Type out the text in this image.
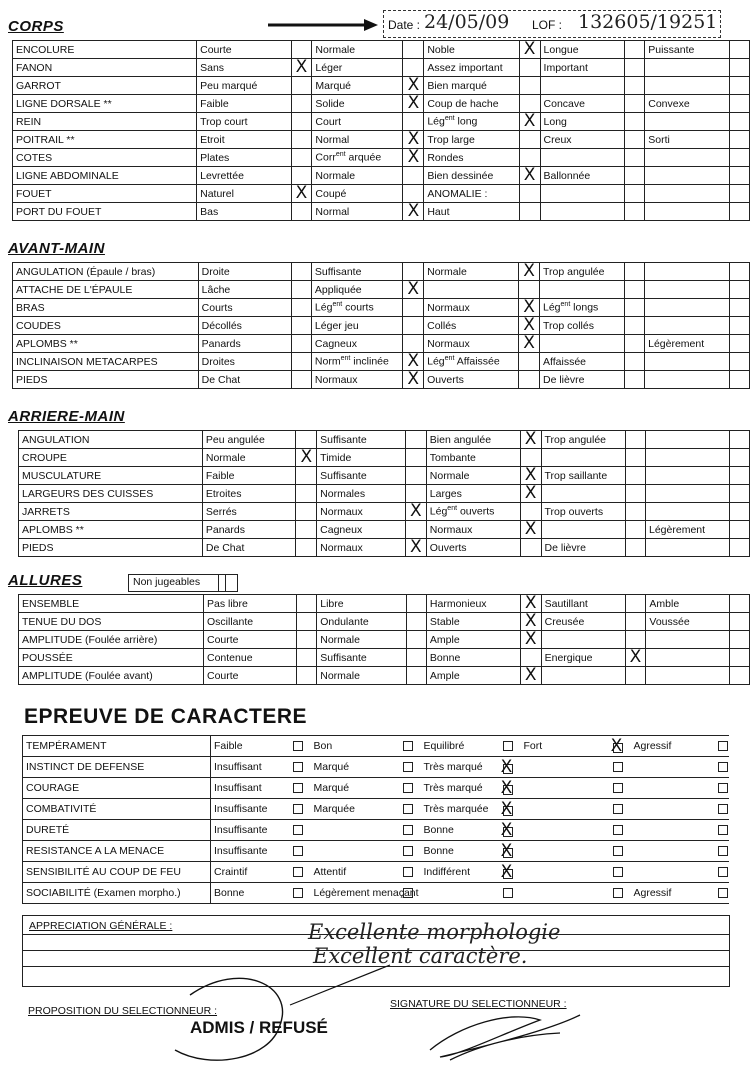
Date : 24/05/09 LOF : 132605/19251
CORPS
ENCOLURE	Courte		Normale		Noble	X	Longue		Puissante	
FANON	Sans	X	Léger		Assez important		Important			
GARROT	Peu marqué		Marqué	X	Bien marqué					
LIGNE DORSALE **	Faible		Solide	X	Coup de hache		Concave		Convexe	
REIN	Trop court		Court		Lég$^{ent}$ long	X	Long			
POITRAIL **	Etroit		Normal	X	Trop large		Creux		Sorti	
COTES	Plates		Corr$^{ent}$ arquée	X	Rondes					
LIGNE ABDOMINALE	Levrettée		Normale		Bien dessinée	X	Ballonnée			
FOUET	Naturel	X	Coupé		ANOMALIE :					
PORT DU FOUET	Bas		Normal	X	Haut					
AVANT-MAIN
ANGULATION (Épaule / bras)	Droite		Suffisante		Normale	X	Trop angulée			
ATTACHE DE L'ÉPAULE	Lâche		Appliquée	X						
BRAS	Courts		Lég$^{ent}$ courts		Normaux	X	Lég$^{ent}$ longs			
COUDES	Décollés		Léger jeu		Collés	X	Trop collés			
APLOMBS **	Panards		Cagneux		Normaux	X			Légèrement	
INCLINAISON METACARPES	Droites		Norm$^{ent}$ inclinée	X	Lég$^{ent}$ Affaissée		Affaissée			
PIEDS	De Chat		Normaux	X	Ouverts		De lièvre			
ARRIERE-MAIN
ANGULATION	Peu angulée		Suffisante		Bien angulée	X	Trop angulée			
CROUPE	Normale	X	Timide		Tombante					
MUSCULATURE	Faible		Suffisante		Normale	X	Trop saillante			
LARGEURS DES CUISSES	Etroites		Normales		Larges	X				
JARRETS	Serrés		Normaux	X	Lég$^{ent}$ ouverts		Trop ouverts			
APLOMBS **	Panards		Cagneux		Normaux	X			Légèrement	
PIEDS	De Chat		Normaux	X	Ouverts		De lièvre			
ALLURES	Non jugeables
ENSEMBLE	Pas libre		Libre		Harmonieux	X	Sautillant		Amble	
TENUE DU DOS	Oscillante		Ondulante		Stable	X	Creusée		Voussée	
AMPLITUDE (Foulée arrière)	Courte		Normale		Ample	X				
POUSSÉE	Contenue		Suffisante		Bonne		Energique	X		
AMPLITUDE (Foulée avant)	Courte		Normale		Ample	X				
EPREUVE DE CARACTERE
TEMPÉRAMENT	Faible		Bon		Equilibré		Fort	X	Agressif	
INSTINCT DE DEFENSE	Insuffisant		Marqué		Très marqué	X				
COURAGE	Insuffisant		Marqué		Très marqué	X				
COMBATIVITÉ	Insuffisante		Marquée		Très marquée	X				
DURETÉ	Insuffisante				Bonne	X				
RESISTANCE A LA MENACE	Insuffisante				Bonne	X				
SENSIBILITÉ AU COUP DE FEU	Craintif		Attentif		Indifférent	X				
SOCIABILITÉ (Examen morpho.)	Bonne		Légèrement menaçant						Agressif	
APPRECIATION GÉNÉRALE :	Excellente morphologie
Excellent caractère.
PROPOSITION DU SELECTIONNEUR :
SIGNATURE DU SELECTIONNEUR :
ADMIS / REFUSÉ
